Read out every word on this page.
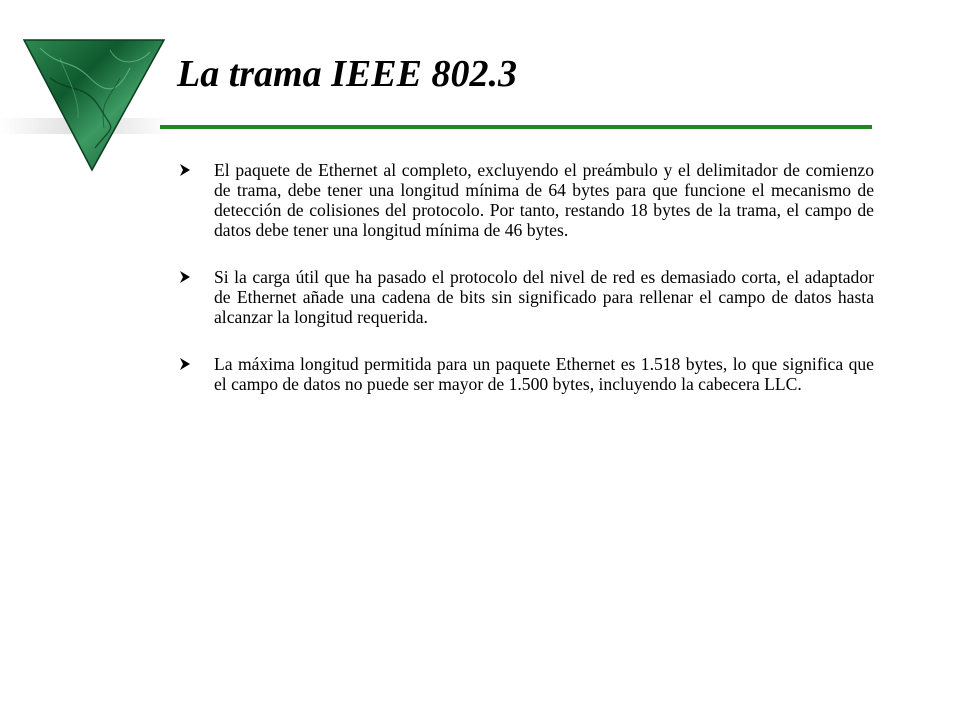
La trama IEEE 802.3
El paquete de Ethernet al completo, excluyendo el preámbulo y el delimitador de comienzo de trama, debe tener una longitud mínima de 64 bytes para que funcione el mecanismo de detección de colisiones del protocolo. Por tanto, restando 18 bytes de la trama, el campo de datos debe tener una longitud mínima de 46 bytes.
Si la carga útil que ha pasado el protocolo del nivel de red es demasiado corta, el adaptador de Ethernet añade una cadena de bits sin significado para rellenar el campo de datos hasta alcanzar la longitud requerida.
La máxima longitud permitida para un paquete Ethernet es 1.518 bytes, lo que significa que el campo de datos no puede ser mayor de 1.500 bytes, incluyendo la cabecera LLC.
